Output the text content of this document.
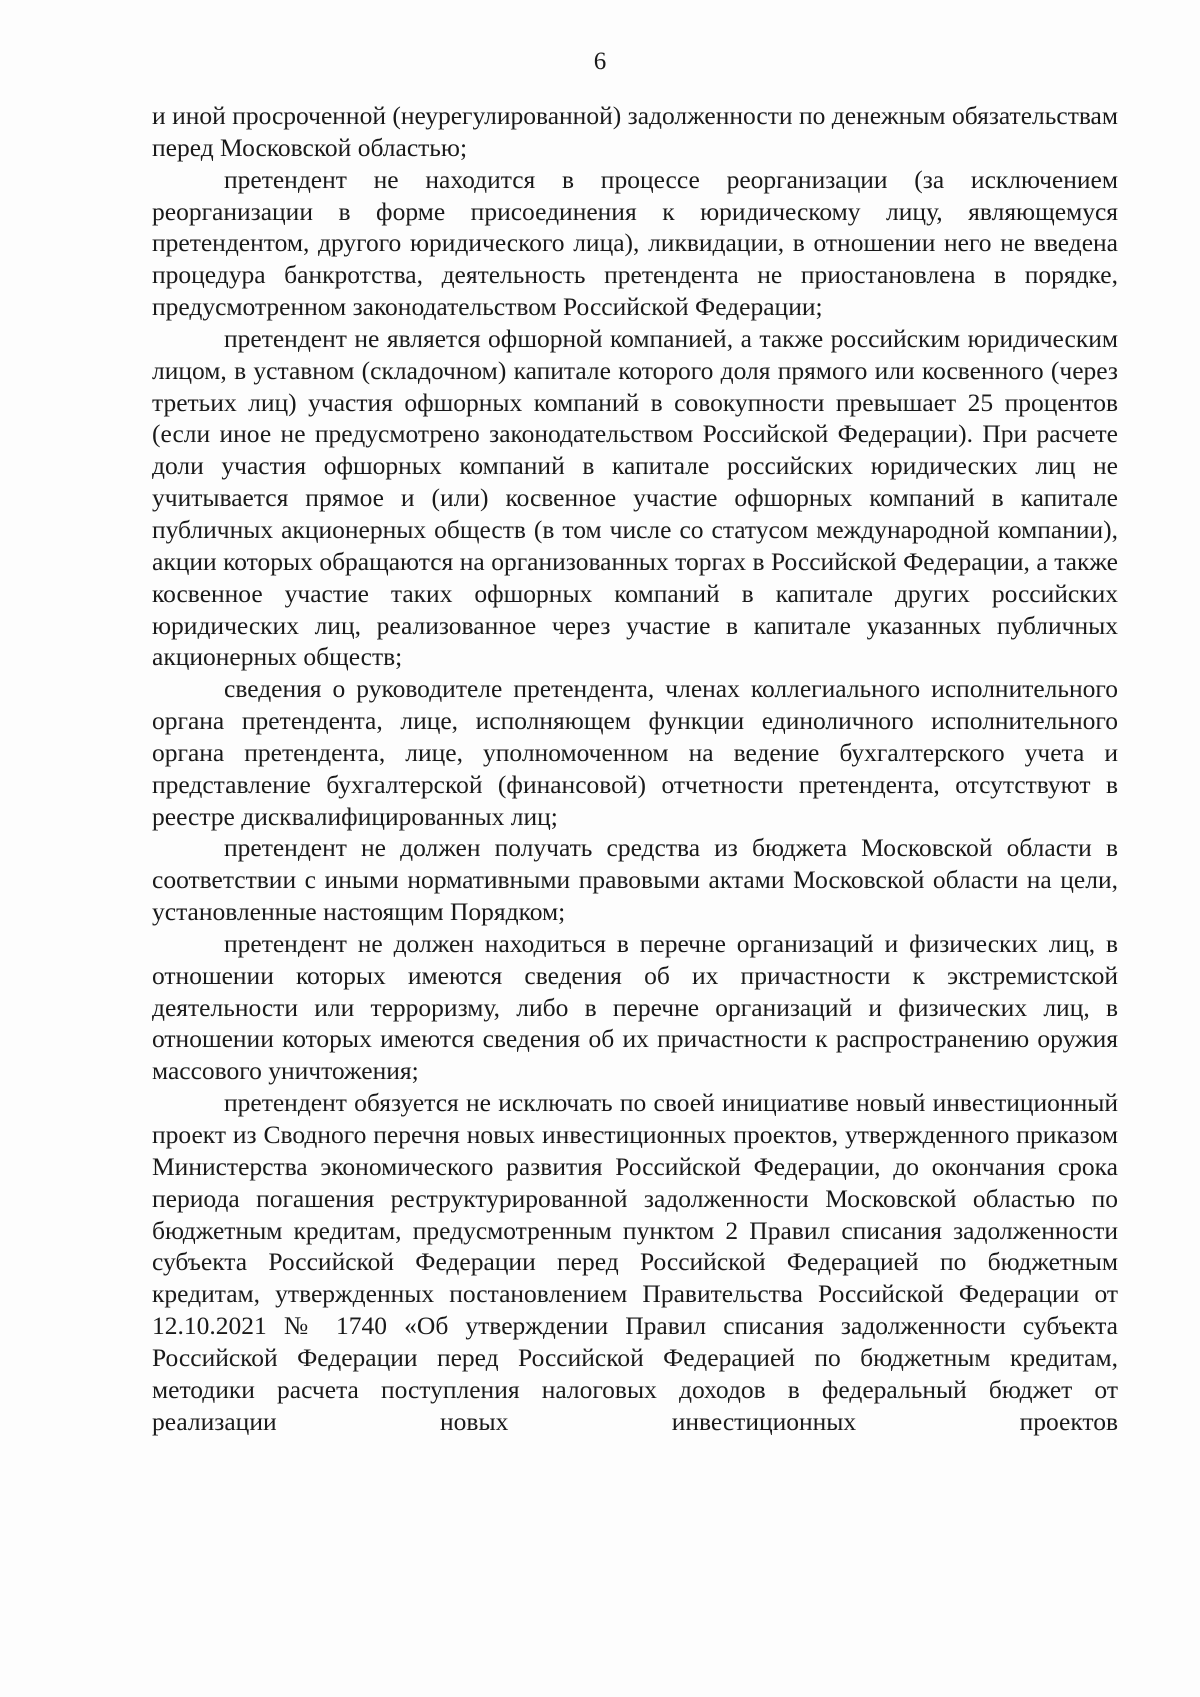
6

и иной просроченной (неурегулированной) задолженности по денежным обязательствам перед Московской областью;

претендент не находится в процессе реорганизации (за исключением реорганизации в форме присоединения к юридическому лицу, являющемуся претендентом, другого юридического лица), ликвидации, в отношении него не введена процедура банкротства, деятельность претендента не приостановлена в порядке, предусмотренном законодательством Российской Федерации;

претендент не является офшорной компанией, а также российским юридическим лицом, в уставном (складочном) капитале которого доля прямого или косвенного (через третьих лиц) участия офшорных компаний в совокупности превышает 25 процентов (если иное не предусмотрено законодательством Российской Федерации). При расчете доли участия офшорных компаний в капитале российских юридических лиц не учитывается прямое и (или) косвенное участие офшорных компаний в капитале публичных акционерных обществ (в том числе со статусом международной компании), акции которых обращаются на организованных торгах в Российской Федерации, а также косвенное участие таких офшорных компаний в капитале других российских юридических лиц, реализованное через участие в капитале указанных публичных акционерных обществ;

сведения о руководителе претендента, членах коллегиального исполнительного органа претендента, лице, исполняющем функции единоличного исполнительного органа претендента, лице, уполномоченном на ведение бухгалтерского учета и представление бухгалтерской (финансовой) отчетности претендента, отсутствуют в реестре дисквалифицированных лиц;

претендент не должен получать средства из бюджета Московской области в соответствии с иными нормативными правовыми актами Московской области на цели, установленные настоящим Порядком;

претендент не должен находиться в перечне организаций и физических лиц, в отношении которых имеются сведения об их причастности к экстремистской деятельности или терроризму, либо в перечне организаций и физических лиц, в отношении которых имеются сведения об их причастности к распространению оружия массового уничтожения;

претендент обязуется не исключать по своей инициативе новый инвестиционный проект из Сводного перечня новых инвестиционных проектов, утвержденного приказом Министерства экономического развития Российской Федерации, до окончания срока периода погашения реструктурированной задолженности Московской областью по бюджетным кредитам, предусмотренным пунктом 2 Правил списания задолженности субъекта Российской Федерации перед Российской Федерацией по бюджетным кредитам, утвержденных постановлением Правительства Российской Федерации от 12.10.2021 № 1740 «Об утверждении Правил списания задолженности субъекта Российской Федерации перед Российской Федерацией по бюджетным кредитам, методики расчета поступления налоговых доходов в федеральный бюджет от реализации новых инвестиционных проектов
